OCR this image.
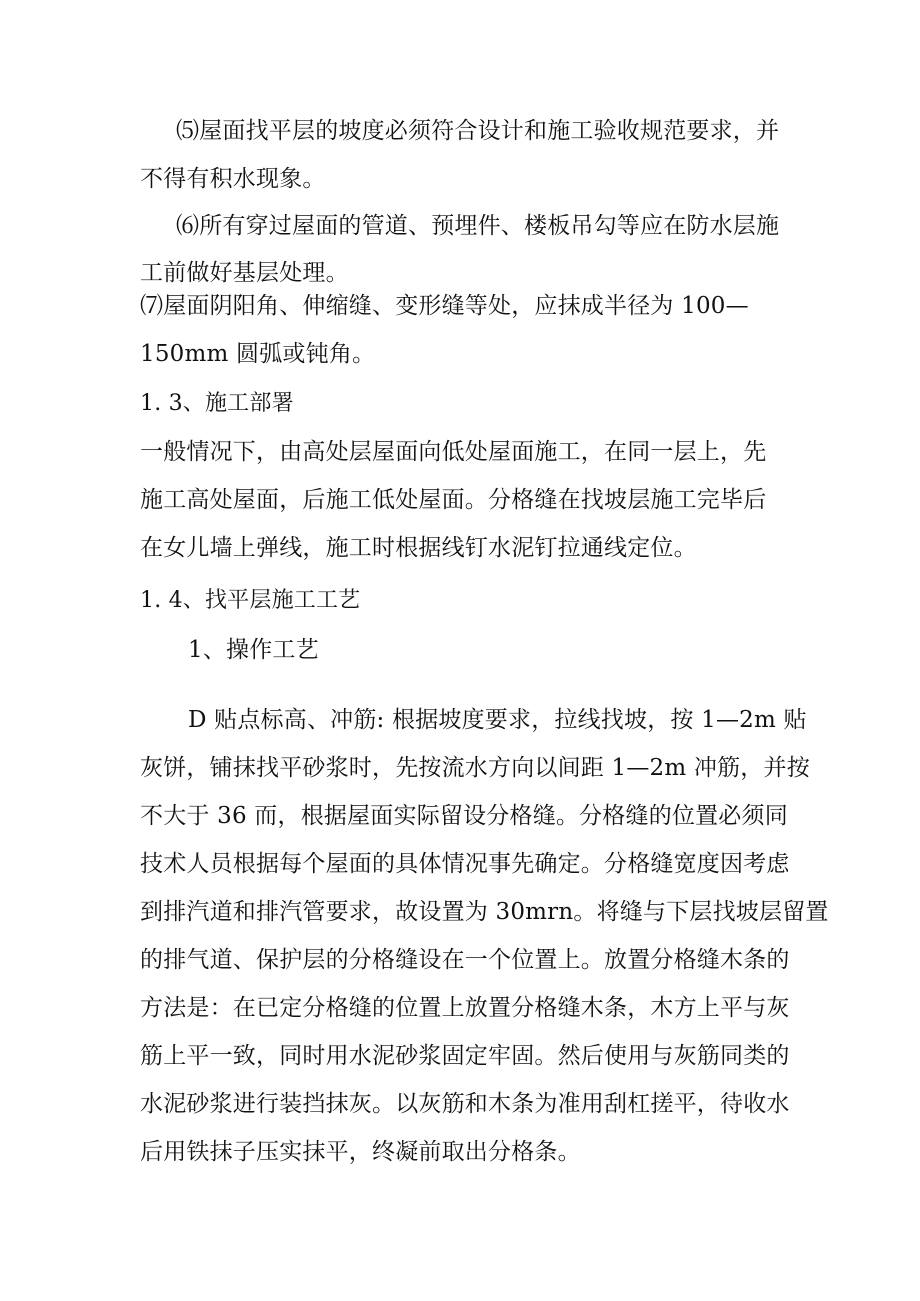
⑸屋面找平层的坡度必须符合设计和施工验收规范要求，并
不得有积水现象。
⑹所有穿过屋面的管道、预埋件、楼板吊勾等应在防水层施
工前做好基层处理。
⑺屋面阴阳角、伸缩缝、变形缝等处，应抹成半径为 100—
150mm 圆弧或钝角。
1. 3、施工部署
一般情况下，由高处层屋面向低处屋面施工，在同一层上，先
施工高处屋面，后施工低处屋面。分格缝在找坡层施工完毕后
在女儿墙上弹线，施工时根据线钉水泥钉拉通线定位。
1. 4、找平层施工工艺
1、操作工艺
D 贴点标高、冲筋: 根据坡度要求，拉线找坡，按 1—2m 贴
灰饼，铺抹找平砂浆时，先按流水方向以间距 1—2m 冲筋，并按
不大于 36 而，根据屋面实际留设分格缝。分格缝的位置必须同
技术人员根据每个屋面的具体情况事先确定。分格缝宽度因考虑
到排汽道和排汽管要求，故设置为 30mrn。将缝与下层找坡层留置
的排气道、保护层的分格缝设在一个位置上。放置分格缝木条的
方法是：在已定分格缝的位置上放置分格缝木条，木方上平与灰
筋上平一致，同时用水泥砂浆固定牢固。然后使用与灰筋同类的
水泥砂浆进行装挡抹灰。以灰筋和木条为准用刮杠搓平，待收水
后用铁抹子压实抹平，终凝前取出分格条。
